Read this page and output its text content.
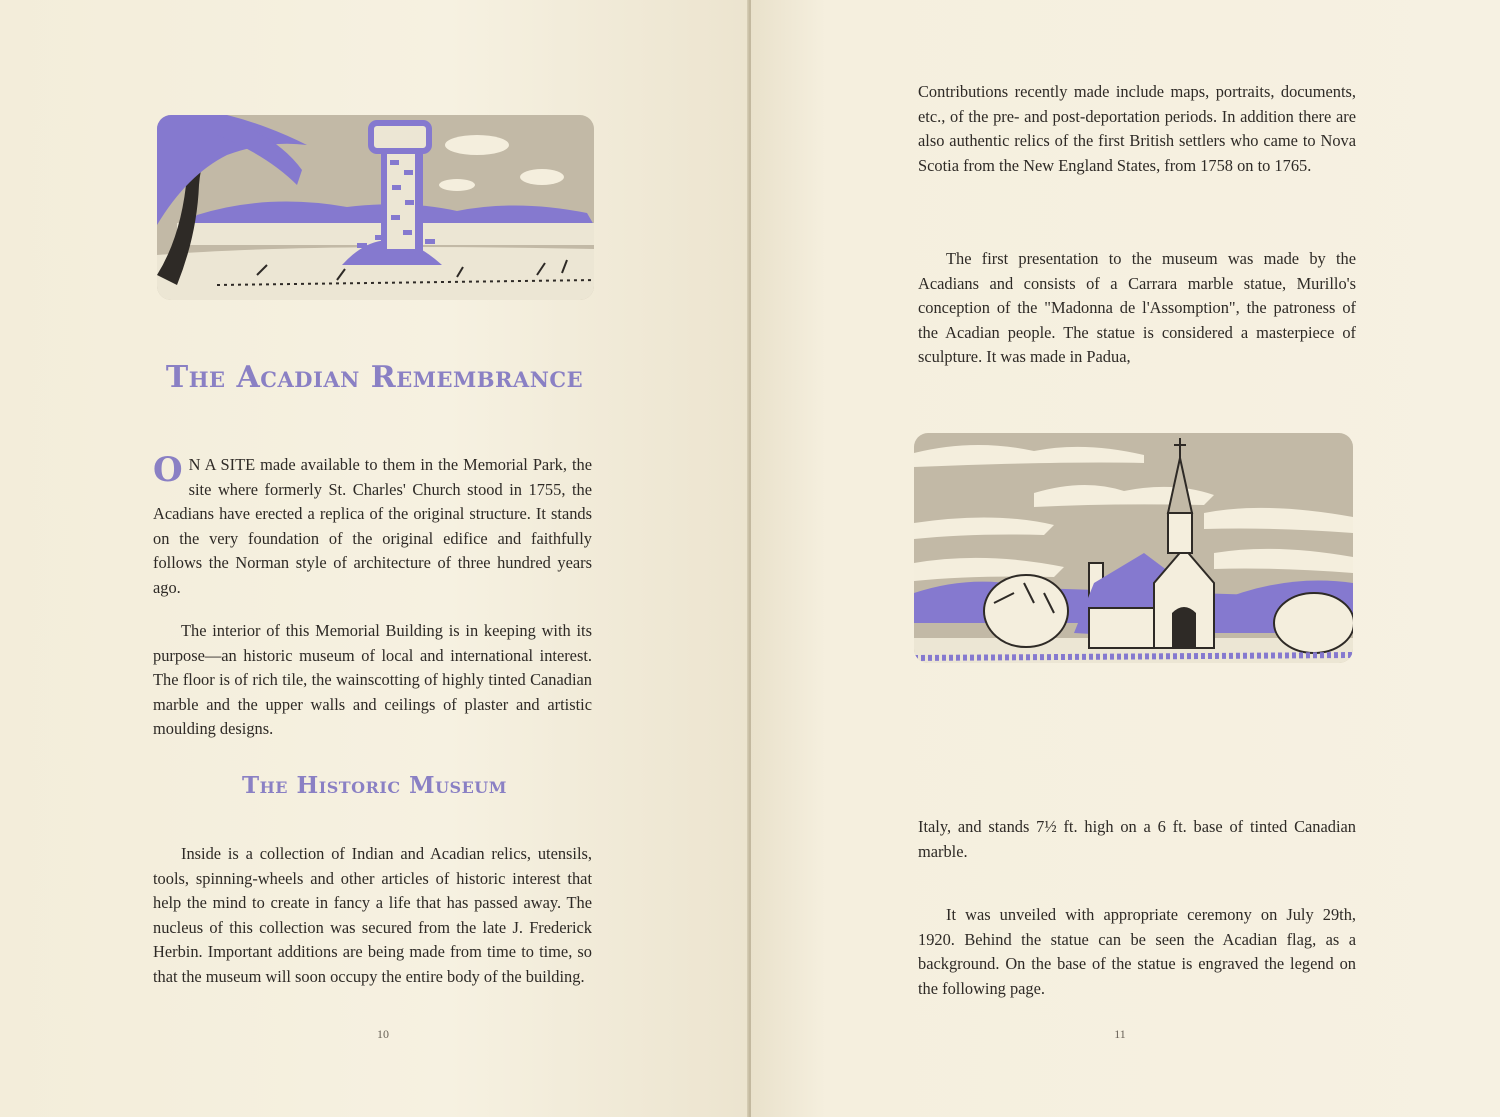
The Acadian Remembrance

O N A SITE made available to them in the Memorial Park, the site where formerly St. Charles' Church stood in 1755, the Acadians have erected a replica of the original structure. It stands on the very foundation of the original edifice and faithfully follows the Norman style of architecture of three hundred years ago.

The interior of this Memorial Building is in keeping with its purpose—an historic museum of local and international interest. The floor is of rich tile, the wainscotting of highly tinted Canadian marble and the upper walls and ceilings of plaster and artistic moulding designs.

The Historic Museum

Inside is a collection of Indian and Acadian relics, utensils, tools, spinning-wheels and other articles of historic interest that help the mind to create in fancy a life that has passed away. The nucleus of this collection was secured from the late J. Frederick Herbin. Important additions are being made from time to time, so that the museum will soon occupy the entire body of the building.

10

Contributions recently made include maps, portraits, documents, etc., of the pre- and post-deportation periods. In addition there are also authentic relics of the first British settlers who came to Nova Scotia from the New England States, from 1758 on to 1765.

The first presentation to the museum was made by the Acadians and consists of a Carrara marble statue, Murillo's conception of the "Madonna de l'Assomption", the patroness of the Acadian people. The statue is considered a masterpiece of sculpture. It was made in Padua,

Italy, and stands 7½ ft. high on a 6 ft. base of tinted Canadian marble.

It was unveiled with appropriate ceremony on July 29th, 1920. Behind the statue can be seen the Acadian flag, as a background. On the base of the statue is engraved the legend on the following page.

11
